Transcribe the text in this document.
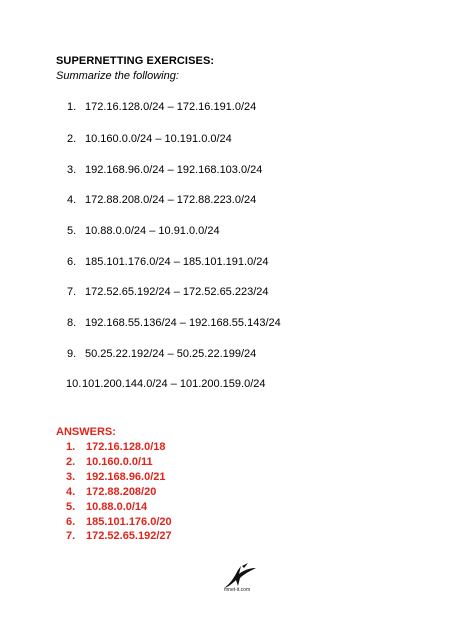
SUPERNETTING EXERCISES:
Summarize the following:
1. 172.16.128.0/24 – 172.16.191.0/24
2. 10.160.0.0/24 – 10.191.0.0/24
3. 192.168.96.0/24 – 192.168.103.0/24
4. 172.88.208.0/24 – 172.88.223.0/24
5. 10.88.0.0/24 – 10.91.0.0/24
6. 185.101.176.0/24 – 185.101.191.0/24
7. 172.52.65.192/24 – 172.52.65.223/24
8. 192.168.55.136/24 – 192.168.55.143/24
9. 50.25.22.192/24 – 50.25.22.199/24
10.101.200.144.0/24 – 101.200.159.0/24
ANSWERS:
1. 172.16.128.0/18
2. 10.160.0.0/11
3. 192.168.96.0/21
4. 172.88.208/20
5. 10.88.0.0/14
6. 185.101.176.0/20
7. 172.52.65.192/27
mnet-it.com
